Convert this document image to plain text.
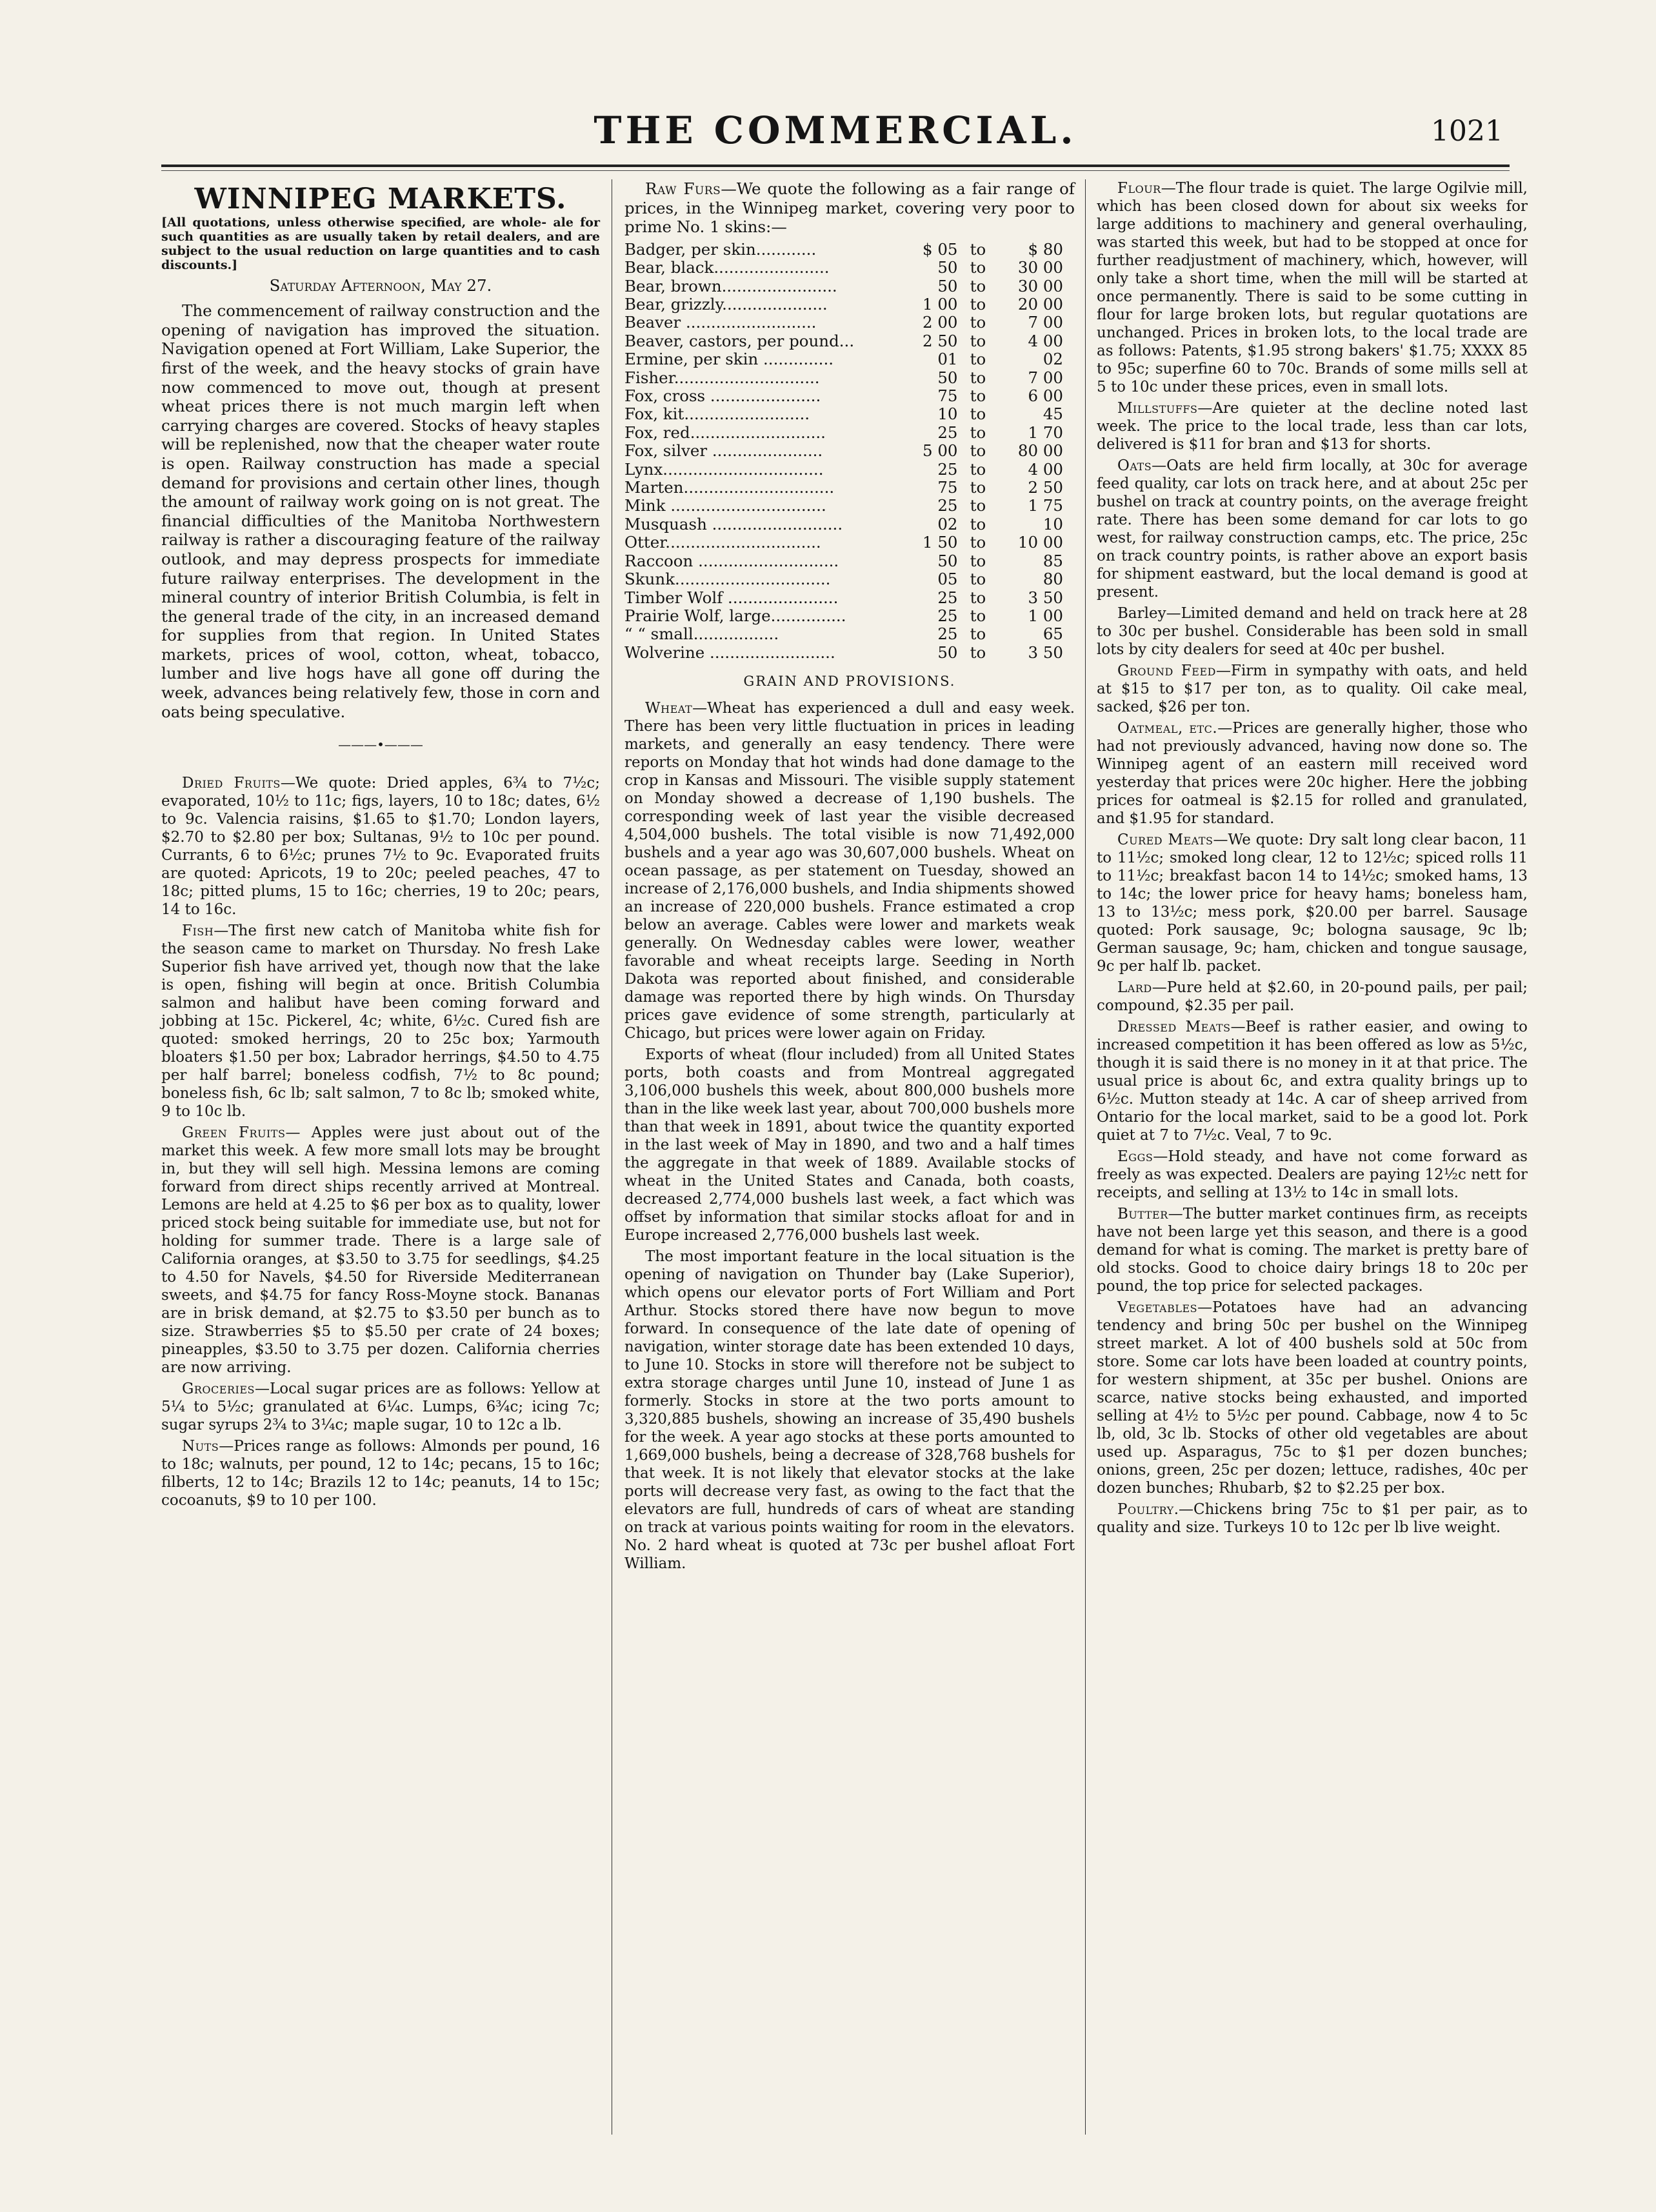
THE COMMERCIAL.	1021
WINNIPEG MARKETS.

[All quotations, unless otherwise specified, are whole- ale for such quantities as are usually taken by retail dealers, and are subject to the usual reduction on large quantities and to cash discounts.]

Saturday Afternoon, May 27.

The commencement of railway construction and the opening of navigation has improved the situation. Navigation opened at Fort William, Lake Superior, the first of the week, and the heavy stocks of grain have now commenced to move out, though at present wheat prices there is not much margin left when carrying charges are covered. Stocks of heavy staples will be replenished, now that the cheaper water route is open. Railway construction has made a special demand for provisions and certain other lines, though the amount of railway work going on is not great. The financial difficulties of the Manitoba Northwestern railway is rather a discouraging feature of the railway outlook, and may depress prospects for immediate future railway enterprises. The development in the mineral country of interior British Columbia, is felt in the general trade of the city, in an increased demand for supplies from that region. In United States markets, prices of wool, cotton, wheat, tobacco, lumber and live hogs have all gone off during the week, advances being relatively few, those in corn and oats being speculative.

———•———

Dried Fruits—We quote: Dried apples, 6¾ to 7½c; evaporated, 10½ to 11c; figs, layers, 10 to 18c; dates, 6½ to 9c. Valencia raisins, $1.65 to $1.70; London layers, $2.70 to $2.80 per box; Sultanas, 9½ to 10c per pound. Currants, 6 to 6½c; prunes 7½ to 9c. Evaporated fruits are quoted: Apricots, 19 to 20c; peeled peaches, 47 to 18c; pitted plums, 15 to 16c; cherries, 19 to 20c; pears, 14 to 16c.

Fish—The first new catch of Manitoba white fish for the season came to market on Thursday. No fresh Lake Superior fish have arrived yet, though now that the lake is open, fishing will begin at once. British Columbia salmon and halibut have been coming forward and jobbing at 15c. Pickerel, 4c; white, 6½c. Cured fish are quoted: smoked herrings, 20 to 25c box; Yarmouth bloaters $1.50 per box; Labrador herrings, $4.50 to 4.75 per half barrel; boneless codfish, 7½ to 8c pound; boneless fish, 6c lb; salt salmon, 7 to 8c lb; smoked white, 9 to 10c lb.

Green Fruits— Apples were just about out of the market this week. A few more small lots may be brought in, but they will sell high. Messina lemons are coming forward from direct ships recently arrived at Montreal. Lemons are held at 4.25 to $6 per box as to quality, lower priced stock being suitable for immediate use, but not for holding for summer trade. There is a large sale of California oranges, at $3.50 to 3.75 for seedlings, $4.25 to 4.50 for Navels, $4.50 for Riverside Mediterranean sweets, and $4.75 for fancy Ross-Moyne stock. Bananas are in brisk demand, at $2.75 to $3.50 per bunch as to size. Strawberries $5 to $5.50 per crate of 24 boxes; pineapples, $3.50 to 3.75 per dozen. California cherries are now arriving.

Groceries—Local sugar prices are as follows: Yellow at 5¼ to 5½c; granulated at 6¼c. Lumps, 6¾c; icing 7c; sugar syrups 2¾ to 3¼c; maple sugar, 10 to 12c a lb.

Nuts—Prices range as follows: Almonds per pound, 16 to 18c; walnuts, per pound, 12 to 14c; pecans, 15 to 16c; filberts, 12 to 14c; Brazils 12 to 14c; peanuts, 14 to 15c; cocoanuts, $9 to 10 per 100.

Raw Furs—We quote the following as a fair range of prices, in the Winnipeg market, covering very poor to prime No. 1 skins:—

Badger, per skin............	$ 05	to	$ 80
Bear, black.......................	50	to	30 00
Bear, brown.......................	50	to	30 00
Bear, grizzly.....................	1 00	to	20 00
Beaver ..........................	2 00	to	7 00
Beaver, castors, per pound...	2 50	to	4 00
Ermine, per skin ..............	01	to	02
Fisher.............................	50	to	7 00
Fox, cross ......................	75	to	6 00
Fox, kit.........................	10	to	45
Fox, red...........................	25	to	1 70
Fox, silver ......................	5 00	to	80 00
Lynx................................	25	to	4 00
Marten..............................	75	to	2 50
Mink ...............................	25	to	1 75
Musquash ..........................	02	to	10
Otter...............................	1 50	to	10 00
Raccoon ............................	50	to	85
Skunk...............................	05	to	80
Timber Wolf ......................	25	to	3 50
Prairie Wolf, large...............	25	to	1 00
“ “ small.................	25	to	65
Wolverine .........................	50	to	3 50
GRAIN AND PROVISIONS.

Wheat—Wheat has experienced a dull and easy week. There has been very little fluctuation in prices in leading markets, and generally an easy tendency. There were reports on Monday that hot winds had done damage to the crop in Kansas and Missouri. The visible supply statement on Monday showed a decrease of 1,190 bushels. The corresponding week of last year the visible decreased 4,504,000 bushels. The total visible is now 71,492,000 bushels and a year ago was 30,607,000 bushels. Wheat on ocean passage, as per statement on Tuesday, showed an increase of 2,176,000 bushels, and India shipments showed an increase of 220,000 bushels. France estimated a crop below an average. Cables were lower and markets weak generally. On Wednesday cables were lower, weather favorable and wheat receipts large. Seeding in North Dakota was reported about finished, and considerable damage was reported there by high winds. On Thursday prices gave evidence of some strength, particularly at Chicago, but prices were lower again on Friday.

Exports of wheat (flour included) from all United States ports, both coasts and from Montreal aggregated 3,106,000 bushels this week, about 800,000 bushels more than in the like week last year, about 700,000 bushels more than that week in 1891, about twice the quantity exported in the last week of May in 1890, and two and a half times the aggregate in that week of 1889. Available stocks of wheat in the United States and Canada, both coasts, decreased 2,774,000 bushels last week, a fact which was offset by information that similar stocks afloat for and in Europe increased 2,776,000 bushels last week.

The most important feature in the local situation is the opening of navigation on Thunder bay (Lake Superior), which opens our elevator ports of Fort William and Port Arthur. Stocks stored there have now begun to move forward. In consequence of the late date of opening of navigation, winter storage date has been extended 10 days, to June 10. Stocks in store will therefore not be subject to extra storage charges until June 10, instead of June 1 as formerly. Stocks in store at the two ports amount to 3,320,885 bushels, showing an increase of 35,490 bushels for the week. A year ago stocks at these ports amounted to 1,669,000 bushels, being a decrease of 328,768 bushels for that week. It is not likely that elevator stocks at the lake ports will decrease very fast, as owing to the fact that the elevators are full, hundreds of cars of wheat are standing on track at various points waiting for room in the elevators. No. 2 hard wheat is quoted at 73c per bushel afloat Fort William.

Flour—The flour trade is quiet. The large Ogilvie mill, which has been closed down for about six weeks for large additions to machinery and general overhauling, was started this week, but had to be stopped at once for further readjustment of machinery, which, however, will only take a short time, when the mill will be started at once permanently. There is said to be some cutting in flour for large broken lots, but regular quotations are unchanged. Prices in broken lots, to the local trade are as follows: Patents, $1.95 strong bakers' $1.75; XXXX 85 to 95c; superfine 60 to 70c. Brands of some mills sell at 5 to 10c under these prices, even in small lots.

Millstuffs—Are quieter at the decline noted last week. The price to the local trade, less than car lots, delivered is $11 for bran and $13 for shorts.

Oats—Oats are held firm locally, at 30c for average feed quality, car lots on track here, and at about 25c per bushel on track at country points, on the average freight rate. There has been some demand for car lots to go west, for railway construction camps, etc. The price, 25c on track country points, is rather above an export basis for shipment eastward, but the local demand is good at present.

Barley—Limited demand and held on track here at 28 to 30c per bushel. Considerable has been sold in small lots by city dealers for seed at 40c per bushel.

Ground Feed—Firm in sympathy with oats, and held at $15 to $17 per ton, as to quality. Oil cake meal, sacked, $26 per ton.

Oatmeal, etc.—Prices are generally higher, those who had not previously advanced, having now done so. The Winnipeg agent of an eastern mill received word yesterday that prices were 20c higher. Here the jobbing prices for oatmeal is $2.15 for rolled and granulated, and $1.95 for standard.

Cured Meats—We quote: Dry salt long clear bacon, 11 to 11½c; smoked long clear, 12 to 12½c; spiced rolls 11 to 11½c; breakfast bacon 14 to 14½c; smoked hams, 13 to 14c; the lower price for heavy hams; boneless ham, 13 to 13½c; mess pork, $20.00 per barrel. Sausage quoted: Pork sausage, 9c; bologna sausage, 9c lb; German sausage, 9c; ham, chicken and tongue sausage, 9c per half lb. packet.

Lard—Pure held at $2.60, in 20-pound pails, per pail; compound, $2.35 per pail.

Dressed Meats—Beef is rather easier, and owing to increased competition it has been offered as low as 5½c, though it is said there is no money in it at that price. The usual price is about 6c, and extra quality brings up to 6½c. Mutton steady at 14c. A car of sheep arrived from Ontario for the local market, said to be a good lot. Pork quiet at 7 to 7½c. Veal, 7 to 9c.

Eggs—Hold steady, and have not come forward as freely as was expected. Dealers are paying 12½c nett for receipts, and selling at 13½ to 14c in small lots.

Butter—The butter market continues firm, as receipts have not been large yet this season, and there is a good demand for what is coming. The market is pretty bare of old stocks. Good to choice dairy brings 18 to 20c per pound, the top price for selected packages.

Vegetables—Potatoes have had an advancing tendency and bring 50c per bushel on the Winnipeg street market. A lot of 400 bushels sold at 50c from store. Some car lots have been loaded at country points, for western shipment, at 35c per bushel. Onions are scarce, native stocks being exhausted, and imported selling at 4½ to 5½c per pound. Cabbage, now 4 to 5c lb, old, 3c lb. Stocks of other old vegetables are about used up. Asparagus, 75c to $1 per dozen bunches; onions, green, 25c per dozen; lettuce, radishes, 40c per dozen bunches; Rhubarb, $2 to $2.25 per box.

Poultry.—Chickens bring 75c to $1 per pair, as to quality and size. Turkeys 10 to 12c per lb live weight.
